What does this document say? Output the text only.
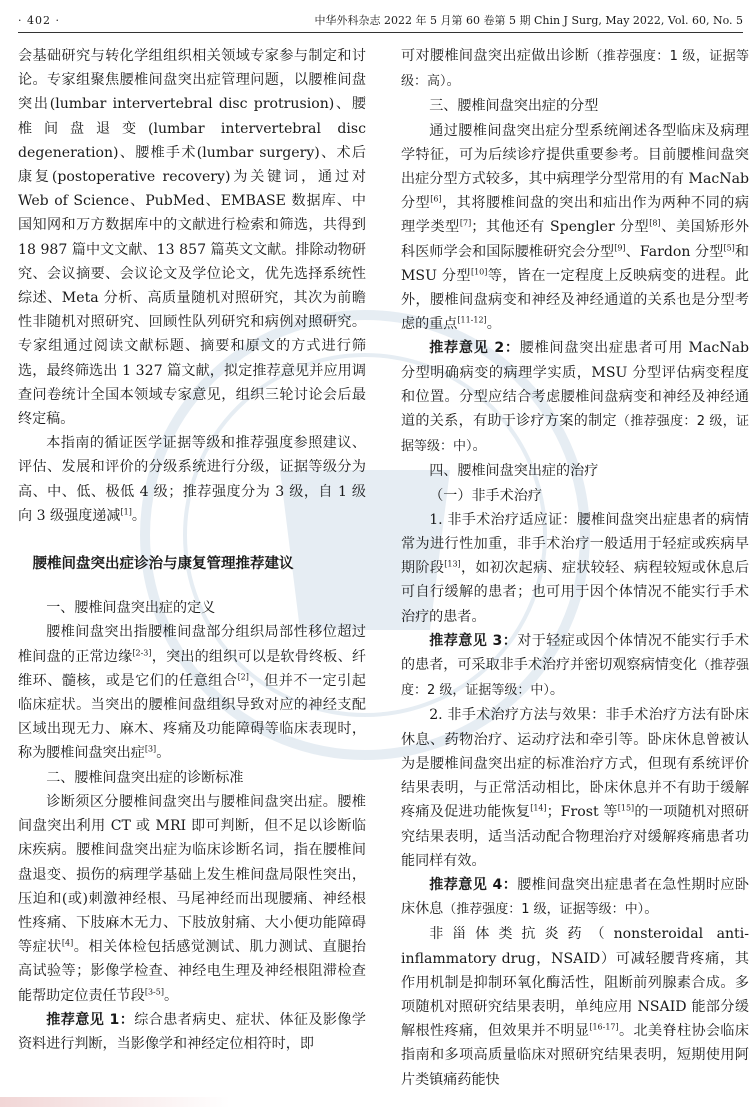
· 402 ·	中华外科杂志 2022 年 5 月第 60 卷第 5 期 Chin J Surg, May 2022, Vol. 60, No. 5

会基础研究与转化学组组织相关领域专家参与制定和讨论。专家组聚焦腰椎间盘突出症管理问题，以腰椎间盘突出(lumbar intervertebral disc protrusion)、腰椎间盘退变(lumbar intervertebral disc degeneration)、腰椎手术(lumbar surgery)、术后康复(postoperative recovery)为关键词，通过对 Web of Science、PubMed、EMBASE 数据库、中国知网和万方数据库中的文献进行检索和筛选，共得到 18 987 篇中文文献、13 857 篇英文文献。排除动物研究、会议摘要、会议论文及学位论文，优先选择系统性综述、Meta 分析、高质量随机对照研究，其次为前瞻性非随机对照研究、回顾性队列研究和病例对照研究。专家组通过阅读文献标题、摘要和原文的方式进行筛选，最终筛选出 1 327 篇文献，拟定推荐意见并应用调查问卷统计全国本领域专家意见，组织三轮讨论会后最终定稿。

本指南的循证医学证据等级和推荐强度参照建议、评估、发展和评价的分级系统进行分级，证据等级分为高、中、低、极低 4 级；推荐强度分为 3 级，自 1 级向 3 级强度递减[1]。

腰椎间盘突出症诊治与康复管理推荐建议
一、腰椎间盘突出症的定义

腰椎间盘突出指腰椎间盘部分组织局部性移位超过椎间盘的正常边缘[2-3]，突出的组织可以是软骨终板、纤维环、髓核，或是它们的任意组合[2]，但并不一定引起临床症状。当突出的腰椎间盘组织导致对应的神经支配区域出现无力、麻木、疼痛及功能障碍等临床表现时，称为腰椎间盘突出症[3]。

二、腰椎间盘突出症的诊断标准

诊断须区分腰椎间盘突出与腰椎间盘突出症。腰椎间盘突出利用 CT 或 MRI 即可判断，但不足以诊断临床疾病。腰椎间盘突出症为临床诊断名词，指在腰椎间盘退变、损伤的病理学基础上发生椎间盘局限性突出，压迫和(或)刺激神经根、马尾神经而出现腰痛、神经根性疼痛、下肢麻木无力、下肢放射痛、大小便功能障碍等症状[4]。相关体检包括感觉测试、肌力测试、直腿抬高试验等；影像学检查、神经电生理及神经根阻滞检查能帮助定位责任节段[3-5]。

推荐意见 1：综合患者病史、症状、体征及影像学资料进行判断，当影像学和神经定位相符时，即

可对腰椎间盘突出症做出诊断（推荐强度：1 级，证据等级：高）。

三、腰椎间盘突出症的分型

通过腰椎间盘突出症分型系统阐述各型临床及病理学特征，可为后续诊疗提供重要参考。目前腰椎间盘突出症分型方式较多，其中病理学分型常用的有 MacNab 分型[6]，其将腰椎间盘的突出和疝出作为两种不同的病理学类型[7]；其他还有 Spengler 分型[8]、美国矫形外科医师学会和国际腰椎研究会分型[9]、Fardon 分型[5]和 MSU 分型[10]等，皆在一定程度上反映病变的进程。此外，腰椎间盘病变和神经及神经通道的关系也是分型考虑的重点[11-12]。

推荐意见 2：腰椎间盘突出症患者可用 MacNab 分型明确病变的病理学实质，MSU 分型评估病变程度和位置。分型应结合考虑腰椎间盘病变和神经及神经通道的关系，有助于诊疗方案的制定（推荐强度：2 级，证据等级：中）。

四、腰椎间盘突出症的治疗
（一）非手术治疗

1. 非手术治疗适应证：腰椎间盘突出症患者的病情常为进行性加重，非手术治疗一般适用于轻症或疾病早期阶段[13]，如初次起病、症状较轻、病程较短或休息后可自行缓解的患者；也可用于因个体情况不能实行手术治疗的患者。

推荐意见 3：对于轻症或因个体情况不能实行手术的患者，可采取非手术治疗并密切观察病情变化（推荐强度：2 级，证据等级：中）。

2. 非手术治疗方法与效果：非手术治疗方法有卧床休息、药物治疗、运动疗法和牵引等。卧床休息曾被认为是腰椎间盘突出症的标准治疗方式，但现有系统评价结果表明，与正常活动相比，卧床休息并不有助于缓解疼痛及促进功能恢复[14]；Frost 等[15]的一项随机对照研究结果表明，适当活动配合物理治疗对缓解疼痛患者功能同样有效。

推荐意见 4：腰椎间盘突出症患者在急性期时应卧床休息（推荐强度：1 级，证据等级：中）。

非甾体类抗炎药（nonsteroidal anti-inflammatory drug，NSAID）可减轻腰背疼痛，其作用机制是抑制环氧化酶活性，阻断前列腺素合成。多项随机对照研究结果表明，单纯应用 NSAID 能部分缓解根性疼痛，但效果并不明显[16-17]。北美脊柱协会临床指南和多项高质量临床对照研究结果表明，短期使用阿片类镇痛药能快
